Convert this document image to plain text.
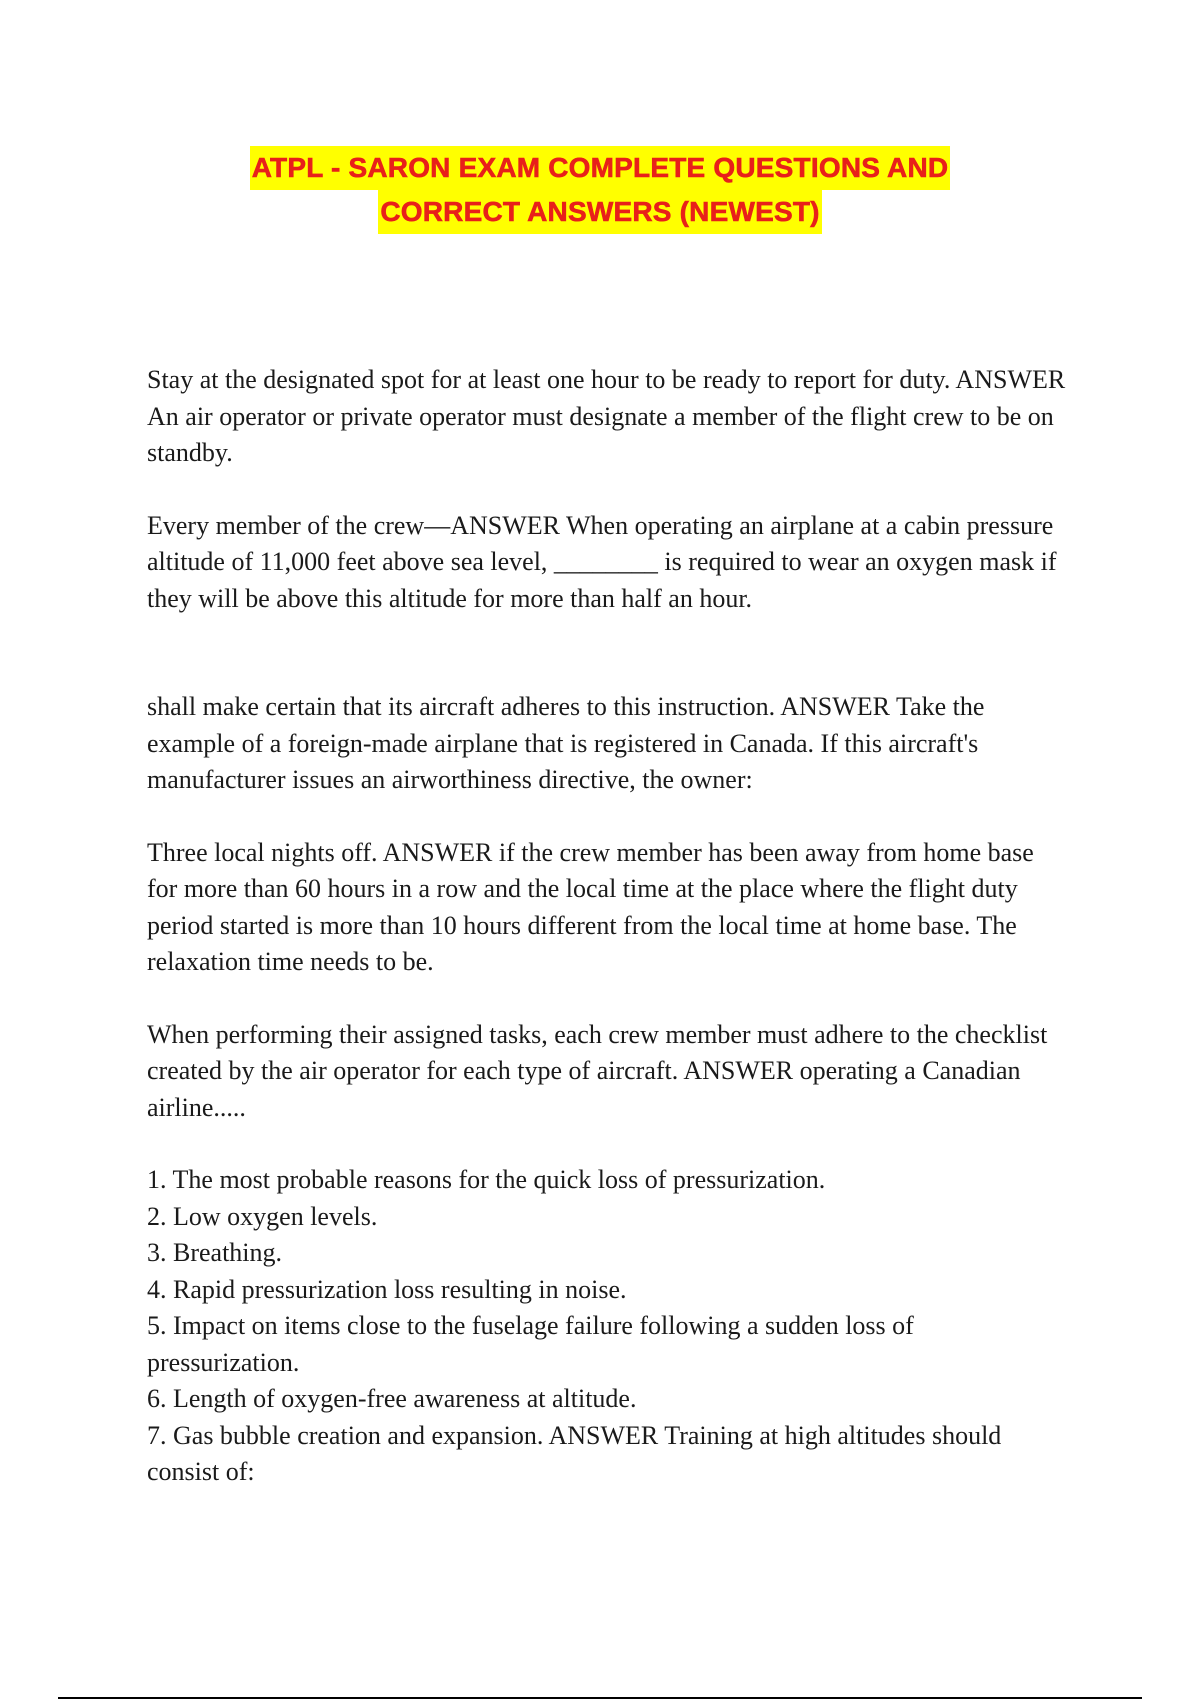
ATPL - SARON EXAM COMPLETE QUESTIONS AND
CORRECT ANSWERS (NEWEST)

Stay at the designated spot for at least one hour to be ready to report for duty. ANSWER An air operator or private operator must designate a member of the flight crew to be on standby.

Every member of the crew—ANSWER When operating an airplane at a cabin pressure altitude of 11,000 feet above sea level, ________ is required to wear an oxygen mask if they will be above this altitude for more than half an hour.

shall make certain that its aircraft adheres to this instruction. ANSWER Take the example of a foreign-made airplane that is registered in Canada. If this aircraft's manufacturer issues an airworthiness directive, the owner:

Three local nights off. ANSWER if the crew member has been away from home base for more than 60 hours in a row and the local time at the place where the flight duty period started is more than 10 hours different from the local time at home base. The relaxation time needs to be.

When performing their assigned tasks, each crew member must adhere to the checklist created by the air operator for each type of aircraft. ANSWER operating a Canadian airline.....

1. The most probable reasons for the quick loss of pressurization.
2. Low oxygen levels.
3. Breathing.
4. Rapid pressurization loss resulting in noise.
5. Impact on items close to the fuselage failure following a sudden loss of pressurization.
6. Length of oxygen-free awareness at altitude.
7. Gas bubble creation and expansion. ANSWER Training at high altitudes should consist of:
